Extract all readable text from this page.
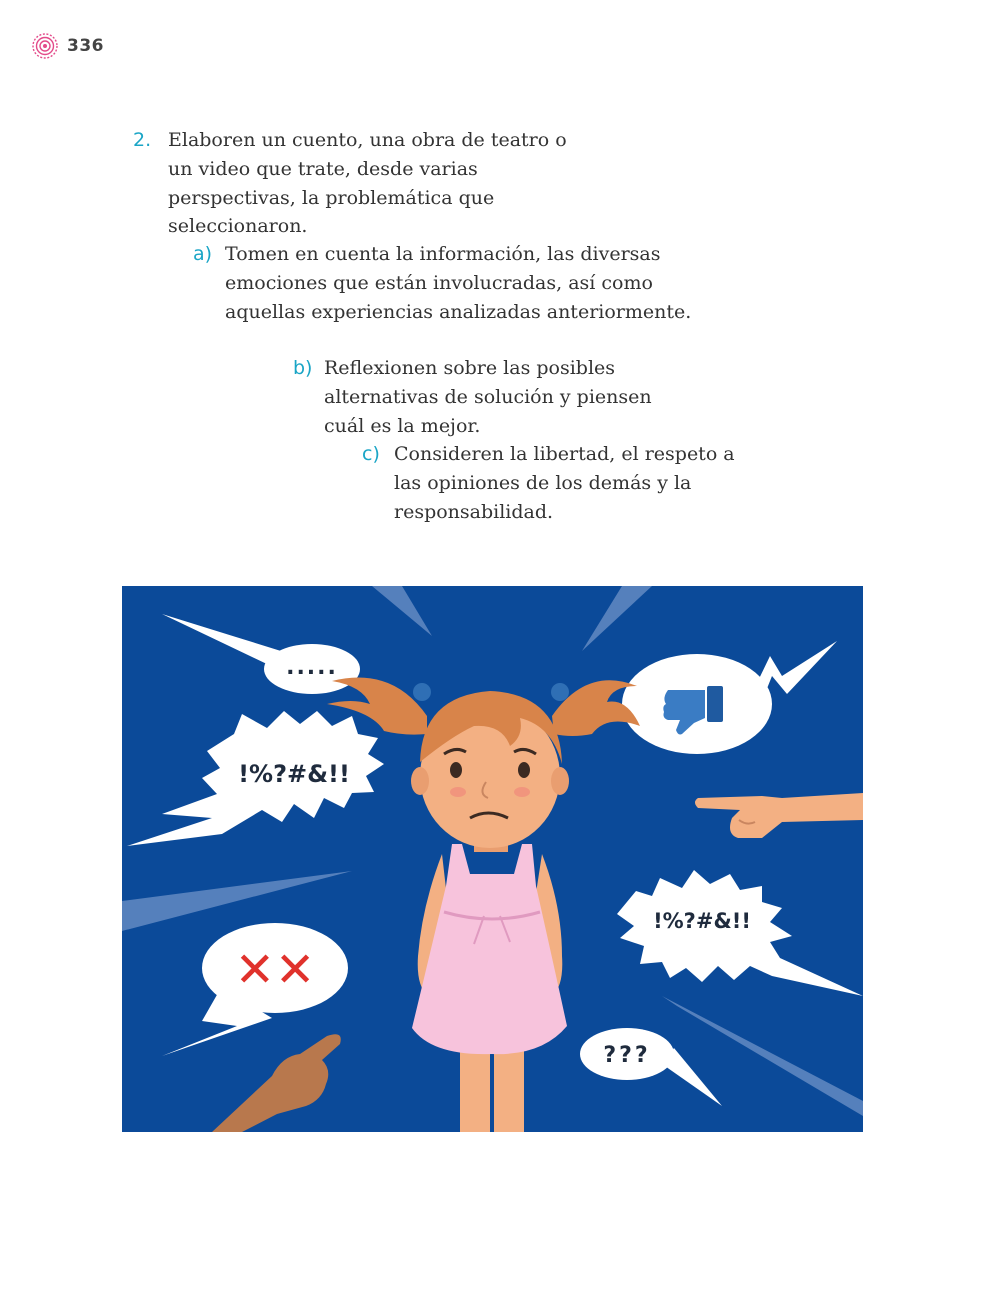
336
2. Elaboren un cuento, una obra de teatro o un video que trate, desde varias perspectivas, la problemática que seleccionaron.
a) Tomen en cuenta la información, las diversas emociones que están involucradas, así como aquellas experiencias analizadas anteriormente.
b) Reflexionen sobre las posibles alternativas de solución y piensen cuál es la mejor.
c) Consideren la libertad, el respeto a las opiniones de los demás y la responsabilidad.
.....
!%?#&!!
!%?#&!!
✕✕
???
